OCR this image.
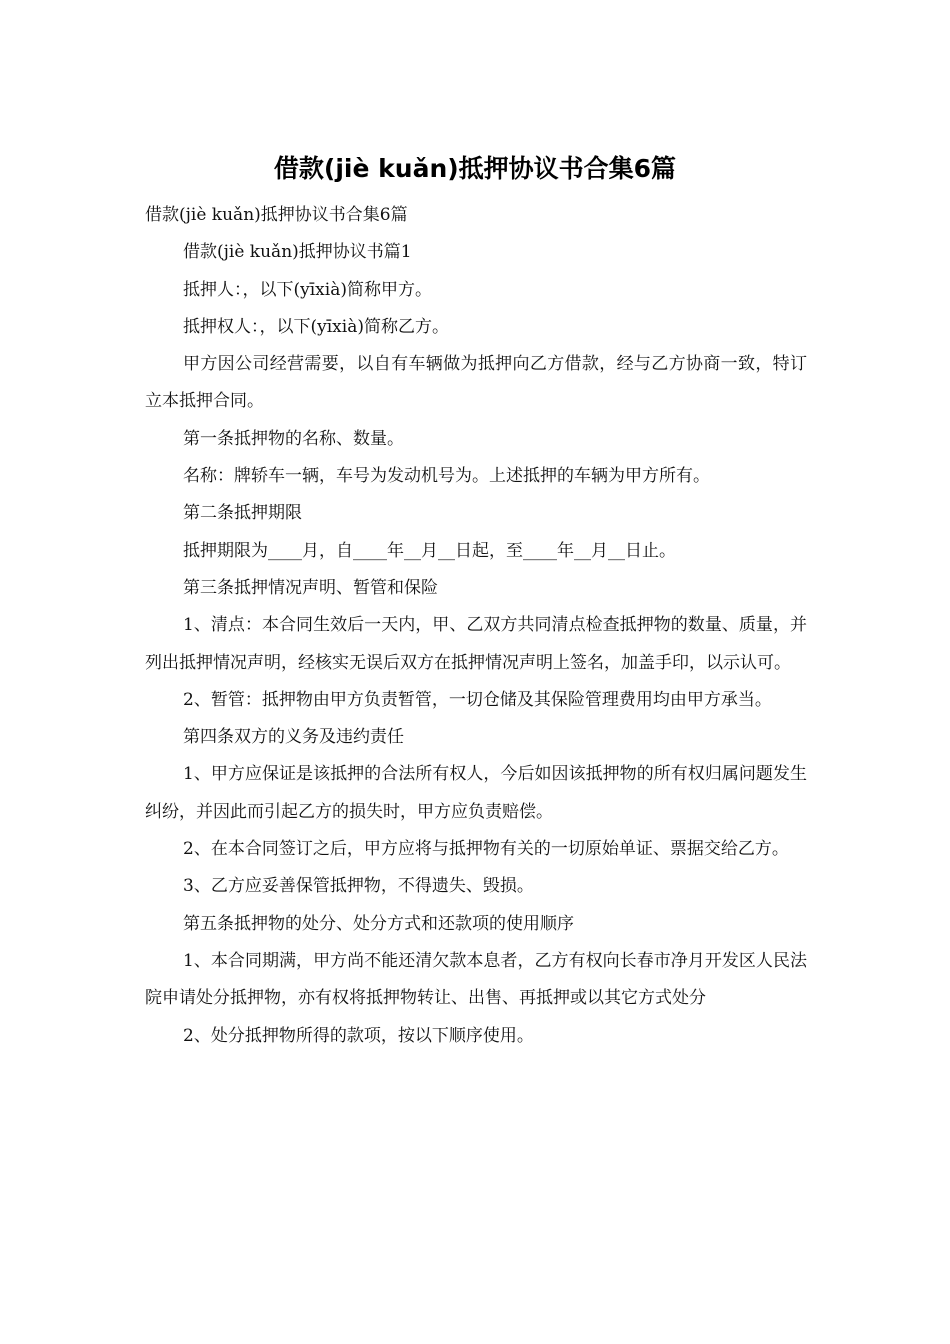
借款(jiè kuǎn)抵押协议书合集6篇

借款(jiè kuǎn)抵押协议书合集6篇

借款(jiè kuǎn)抵押协议书篇1

抵押人：，以下(yīxià)简称甲方。

抵押权人：，以下(yīxià)简称乙方。

甲方因公司经营需要，以自有车辆做为抵押向乙方借款，经与乙方协商一致，特订立本抵押合同。

第一条抵押物的名称、数量。

名称：牌轿车一辆，车号为发动机号为。上述抵押的车辆为甲方所有。

第二条抵押期限

抵押期限为____月，自____年__月__日起，至____年__月__日止。

第三条抵押情况声明、暂管和保险

1、清点：本合同生效后一天内，甲、乙双方共同清点检查抵押物的数量、质量，并列出抵押情况声明，经核实无误后双方在抵押情况声明上签名，加盖手印，以示认可。

2、暂管：抵押物由甲方负责暂管，一切仓储及其保险管理费用均由甲方承当。

第四条双方的义务及违约责任

1、甲方应保证是该抵押的合法所有权人，今后如因该抵押物的所有权归属问题发生纠纷，并因此而引起乙方的损失时，甲方应负责赔偿。

2、在本合同签订之后，甲方应将与抵押物有关的一切原始单证、票据交给乙方。

3、乙方应妥善保管抵押物，不得遗失、毁损。

第五条抵押物的处分、处分方式和还款项的使用顺序

1、本合同期满，甲方尚不能还清欠款本息者，乙方有权向长春市净月开发区人民法院申请处分抵押物，亦有权将抵押物转让、出售、再抵押或以其它方式处分

2、处分抵押物所得的款项，按以下顺序使用。
